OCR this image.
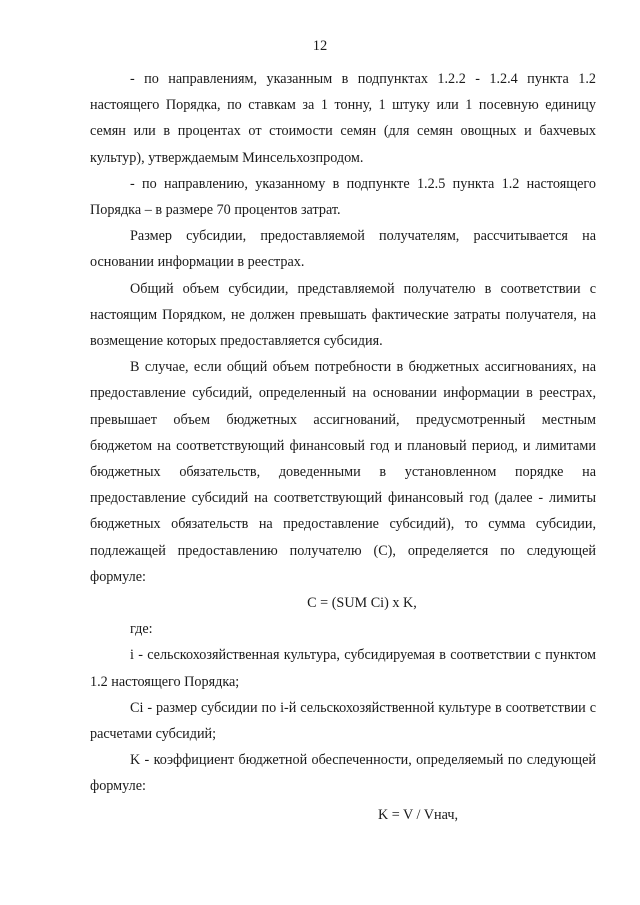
12

- по направлениям, указанным в подпунктах 1.2.2 - 1.2.4 пункта 1.2 настоящего Порядка, по ставкам за 1 тонну, 1 штуку или 1 посевную единицу семян или в процентах от стоимости семян (для семян овощных и бахчевых культур), утверждаемым Минсельхозпродом.

- по направлению, указанному в подпункте 1.2.5 пункта 1.2 настоящего Порядка – в размере 70 процентов затрат.

Размер субсидии, предоставляемой получателям, рассчитывается на основании информации в реестрах.

Общий объем субсидии, представляемой получателю в соответствии с настоящим Порядком, не должен превышать фактические затраты получателя, на возмещение которых предоставляется субсидия.

В случае, если общий объем потребности в бюджетных ассигнованиях, на предоставление субсидий, определенный на основании информации в реестрах, превышает объем бюджетных ассигнований, предусмотренный местным бюджетом на соответствующий финансовый год и плановый период, и лимитами бюджетных обязательств, доведенными в установленном порядке на предоставление субсидий на соответствующий финансовый год (далее - лимиты бюджетных обязательств на предоставление субсидий), то сумма субсидии, подлежащей предоставлению получателю (C), определяется по следующей формуле:

C = (SUM Ci) x K,

где:

i - сельскохозяйственная культура, субсидируемая в соответствии с пунктом 1.2 настоящего Порядка;

Ci - размер субсидии по i-й сельскохозяйственной культуре в соответствии с расчетами субсидий;

K - коэффициент бюджетной обеспеченности, определяемый по следующей формуле:

K = V / Vнач,
